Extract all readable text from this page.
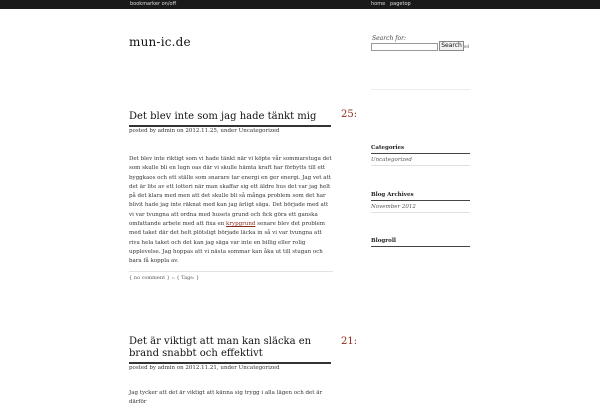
bookmarker on/off	home pagetop
mun-ic.de	Search for:
Search ed
Det blev inte som jag hade tänkt mig	25:
posted by admin on 2012.11.25, under Uncategorized
Det blev inte riktigt som vi hade tänkt när vi köpte vår sommarstuga det som skulle bli en lugn oas där vi skulle hämta kraft har förbytts till ett byggkaos och ett ställe som snarare tar energi en ger energi. Jag vet att det är lite av ett lotteri när man skaffar sig ett äldre hus det var jag helt på det klara med men att det skulle bli så många problem som det har blivit hade jag inte räknat med kan jag ärligt säga. Det började med att vi var tvungna att ordna med husets grund och fick göra ett ganska omfattande arbete med att fixa en krypgrund senare blev det problem med taket där det helt plötsligt började läcka in så vi var tvungna att riva hela taket och det kan jag säga var inte en billig eller rolig upplevelse. Jag hoppas att vi nästa sommar kan åka ut till stugan och bara få koppla av.
{ no comment } :: { Tags: }
Det är viktigt att man kan släcka en brand snabbt och effektivt
21:
posted by admin on 2012.11.21, under Uncategorized
Jag tycker att det är viktigt att känna sig trygg i alla lägen och det är därför
Categories
Uncategorized
Blog Archives
November 2012
Blogroll
